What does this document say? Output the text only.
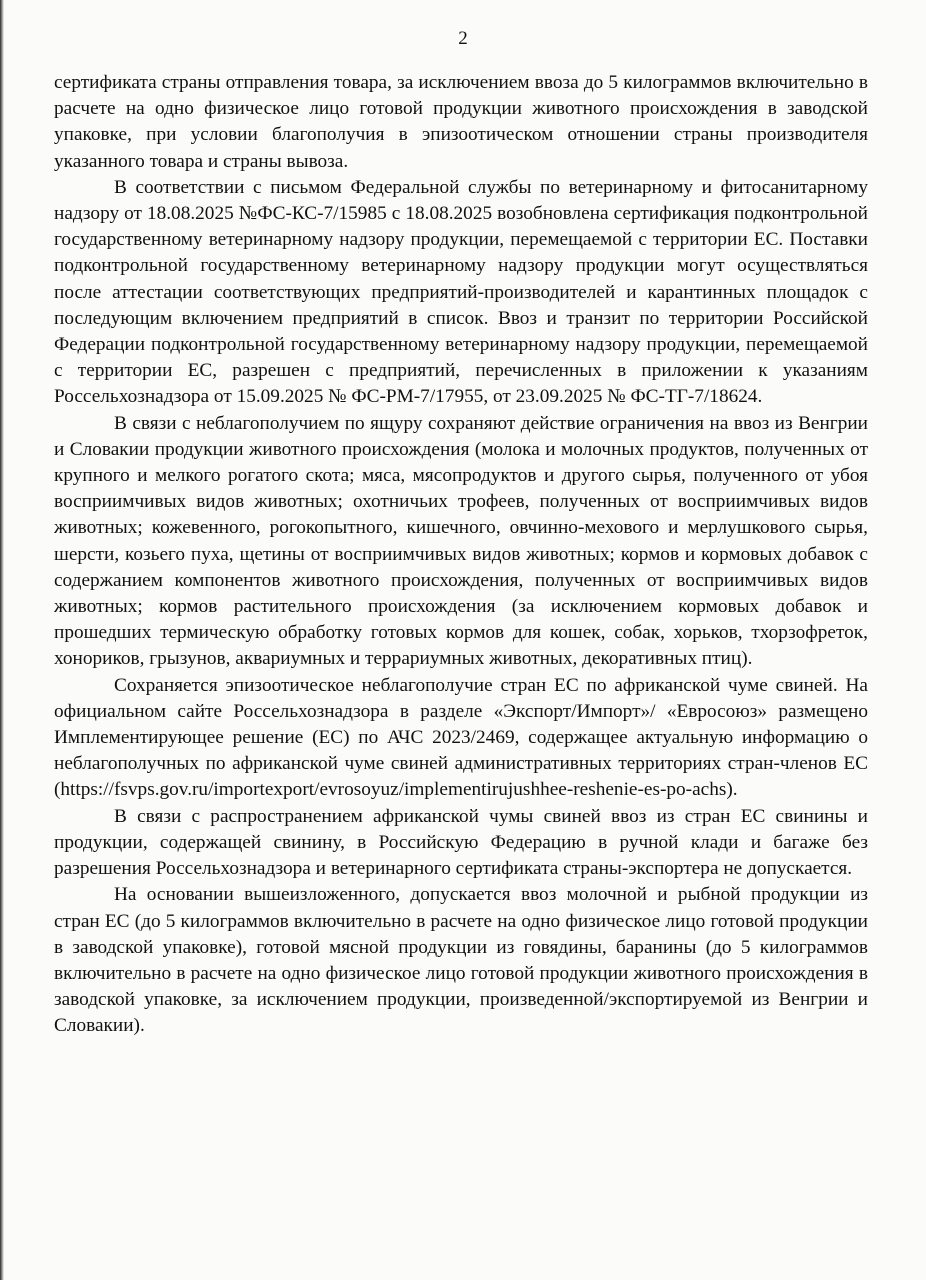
2

сертификата страны отправления товара, за исключением ввоза до 5 килограммов включительно в расчете на одно физическое лицо готовой продукции животного происхождения в заводской упаковке, при условии благополучия в эпизоотическом отношении страны производителя указанного товара и страны вывоза.

В соответствии с письмом Федеральной службы по ветеринарному и фитосанитарному надзору от 18.08.2025 №ФС-КС-7/15985 с 18.08.2025 возобновлена сертификация подконтрольной государственному ветеринарному надзору продукции, перемещаемой с территории ЕС. Поставки подконтрольной государственному ветеринарному надзору продукции могут осуществляться после аттестации соответствующих предприятий-производителей и карантинных площадок с последующим включением предприятий в список. Ввоз и транзит по территории Российской Федерации подконтрольной государственному ветеринарному надзору продукции, перемещаемой с территории ЕС, разрешен с предприятий, перечисленных в приложении к указаниям Россельхознадзора от 15.09.2025 № ФС-РМ-7/17955, от 23.09.2025 № ФС-ТГ-7/18624.

В связи с неблагополучием по ящуру сохраняют действие ограничения на ввоз из Венгрии и Словакии продукции животного происхождения (молока и молочных продуктов, полученных от крупного и мелкого рогатого скота; мяса, мясопродуктов и другого сырья, полученного от убоя восприимчивых видов животных; охотничьих трофеев, полученных от восприимчивых видов животных; кожевенного, рогокопытного, кишечного, овчинно-мехового и мерлушкового сырья, шерсти, козьего пуха, щетины от восприимчивых видов животных; кормов и кормовых добавок с содержанием компонентов животного происхождения, полученных от восприимчивых видов животных; кормов растительного происхождения (за исключением кормовых добавок и прошедших термическую обработку готовых кормов для кошек, собак, хорьков, тхорзофреток, хонориков, грызунов, аквариумных и террариумных животных, декоративных птиц).

Сохраняется эпизоотическое неблагополучие стран ЕС по африканской чуме свиней. На официальном сайте Россельхознадзора в разделе «Экспорт/Импорт»/ «Евросоюз» размещено Имплементирующее решение (ЕС) по АЧС 2023/2469, содержащее актуальную информацию о неблагополучных по африканской чуме свиней административных территориях стран-членов ЕС (https://fsvps.gov.ru/importexport/evrosoyuz/implementirujushhee-reshenie-es-po-achs).

В связи с распространением африканской чумы свиней ввоз из стран ЕС свинины и продукции, содержащей свинину, в Российскую Федерацию в ручной клади и багаже без разрешения Россельхознадзора и ветеринарного сертификата страны-экспортера не допускается.

На основании вышеизложенного, допускается ввоз молочной и рыбной продукции из стран ЕС (до 5 килограммов включительно в расчете на одно физическое лицо готовой продукции в заводской упаковке), готовой мясной продукции из говядины, баранины (до 5 килограммов включительно в расчете на одно физическое лицо готовой продукции животного происхождения в заводской упаковке, за исключением продукции, произведенной/экспортируемой из Венгрии и Словакии).
